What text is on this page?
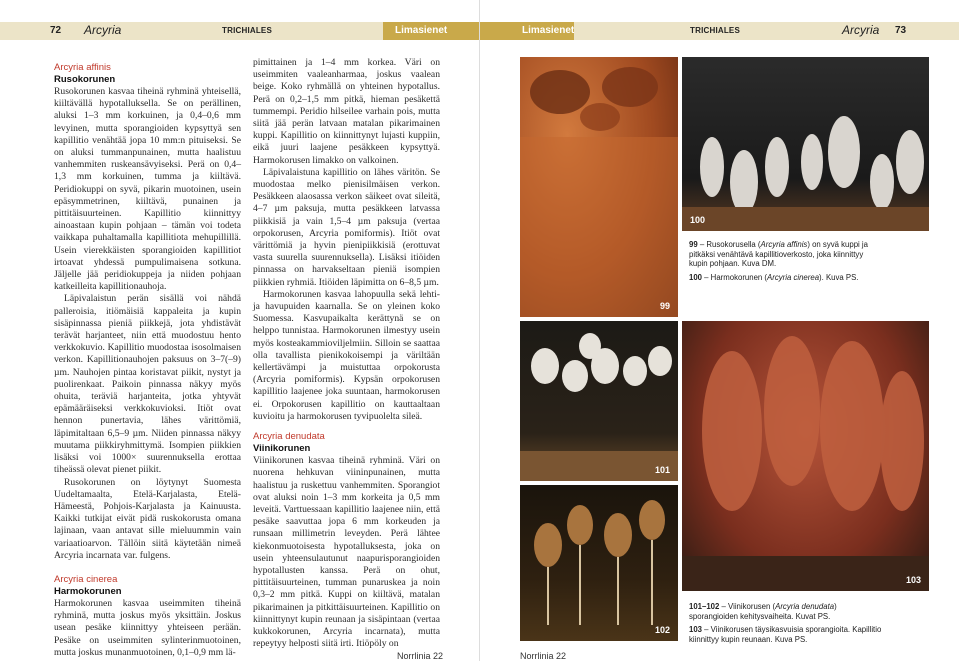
72 Arcyria	TRICHIALES	Limasienet	Limasienet	TRICHIALES	Arcyria 73
Arcyria affinis
Rusokorunen

Rusokorunen kasvaa tiheinä ryhminä yhteisellä, kiiltävällä hypotalluksella. Se on perällinen, aluksi 1–3 mm korkuinen, ja 0,4–0,6 mm levyinen, mutta sporangioiden kypsyttyä sen kapillitio venähtää jopa 10 mm:n pituiseksi. Se on aluksi tummanpunainen, mutta haalistuu vanhemmiten ruskeansävyiseksi. Perä on 0,4–1,3 mm korkuinen, tumma ja kiiltävä. Peridiokuppi on syvä, pikarin muotoinen, usein epäsymmetrinen, kiiltävä, punainen ja pittitäisuurteinen. Kapillitio kiinnittyy ainoastaan kupin pohjaan – tämän voi todeta vaikkapa puhaltamalla kapillitiota mehupillillä. Usein vierekkäisten sporangioiden kapillitiot irtoavat yhdessä pumpulimaisena sotkuna. Jäljelle jää peridiokuppeja ja niiden pohjaan katkeilleita kapillitionauhoja.

Läpivalaistun perän sisällä voi nähdä palleroisia, itiömäisiä kappaleita ja kupin sisäpinnassa pieniä piikkejä, jota yhdistävät terävät harjanteet, niin että muodostuu hento verkkokuvio. Kapillitio muodostaa isosolmaisen verkon. Kapillitionauhojen paksuus on 3–7(–9) µm. Nauhojen pintaa koristavat piikit, nystyt ja puolirenkaat. Paikoin pinnassa näkyy myös ohuita, teräviä harjanteita, jotka yhtyvät epämääräiseksi verkkokuvioksi. Itiöt ovat hennon punertavia, lähes värittömiä, läpimitaltaan 6,5–9 µm. Niiden pinnassa näkyy muutama piikkiryhmittymä. Isompien piikkien lisäksi voi 1000× suurennuksella erottaa tiheässä olevat pienet piikit.

Rusokorunen on löytynyt Suomesta Uudeltamaalta, Etelä-Karjalasta, Etelä-Hämeestä, Pohjois-Karjalasta ja Kainuusta. Kaikki tutkijat eivät pidä ruskokorusta omana lajinaan, vaan antavat sille mieluummin vain variaatioarvon. Tällöin siitä käytetään nimeä Arcyria incarnata var. fulgens.

Arcyria cinerea
Harmokorunen

Harmokorunen kasvaa useimmiten tiheinä ryhminä, mutta joskus myös yksittäin. Joskus usean pesäke kiinnittyy yhteiseen perään. Pesäke on useimmiten sylinterinmuotoinen, mutta joskus munanmuotoinen, 0,1–0,9 mm lä-

pimittainen ja 1–4 mm korkea. Väri on useimmiten vaaleanharmaa, joskus vaalean beige. Koko ryhmällä on yhteinen hypotallus. Perä on 0,2–1,5 mm pitkä, hieman pesäkettä tummempi. Peridio hilseilee varhain pois, mutta siitä jää perän latvaan matalan pikarimainen kuppi. Kapillitio on kiinnittynyt lujasti kuppiin, eikä juuri laajene pesäkkeen kypsyttyä. Harmokorusen limakko on valkoinen.

Läpivalaistuna kapillitio on lähes väritön. Se muodostaa melko pienisilmäisen verkon. Pesäkkeen alaosassa verkon säikeet ovat sileitä, 4–7 µm paksuja, mutta pesäkkeen latvassa piikkisiä ja vain 1,5–4 µm paksuja (vertaa orpokorusen, Arcyria pomiformis). Itiöt ovat värittömiä ja hyvin pienipiikkisiä (erottuvat vasta suurella suurennuksella). Lisäksi itiöiden pinnassa on harvakseltaan pieniä isompien piikkien ryhmiä. Itiöiden läpimitta on 6–8,5 µm.

Harmokorunen kasvaa lahopuulla sekä lehti- ja havupuiden kaarnalla. Se on yleinen koko Suomessa. Kasvupaikalta kerättynä se on helppo tunnistaa. Harmokorunen ilmestyy usein myös kosteakammioviljelmiin. Silloin se saattaa olla tavallista pienikokoisempi ja väriltään kellertävämpi ja muistuttaa orpokorusta (Arcyria pomiformis). Kypsän orpokorusen kapillitio laajenee joka suuntaan, harmokorusen ei. Orpokorusen kapillitio on kauttaaltaan kuvioitu ja harmokorusen tyvipuolelta sileä.

Arcyria denudata
Viinikorunen

Viinikorunen kasvaa tiheinä ryhminä. Väri on nuorena hehkuvan viininpunainen, mutta haalistuu ja ruskettuu vanhemmiten. Sporangiot ovat aluksi noin 1–3 mm korkeita ja 0,5 mm leveitä. Varttuessaan kapillitio laajenee niin, että pesäke saavuttaa jopa 6 mm korkeuden ja runsaan millimetrin leveyden. Perä lähtee kiekonmuotoisesta hypotalluksesta, joka on usein yhteensulautunut naapurisporangioiden hypotallusten kanssa. Perä on ohut, pittitäisuurteinen, tumman punaruskea ja noin 0,3–2 mm pitkä. Kuppi on kiiltävä, matalan pikarimainen ja pitkittäisuurteinen. Kapillitio on kiinnittynyt kupin reunaan ja sisäpintaan (vertaa kukkokorunen, Arcyria incarnata), mutta repeytyy helposti siitä irti. Itiöpöly on

Norrlinia 22
99
100
101
102
103

99 – Rusokorusella (Arcyria affinis) on syvä kuppi ja pitkäksi venähtävä kapillitioverkosto, joka kiinnittyy kupin pohjaan. Kuva DM.

100 – Harmokorunen (Arcyria cinerea). Kuva PS.

101–102 – Viinikorusen (Arcyria denudata) sporangioiden kehitysvaiheita. Kuvat PS.

103 – Viinikorusen täysikasvuisia sporangioita. Kapillitio kiinnittyy kupin reunaan. Kuva PS.

Norrlinia 22
